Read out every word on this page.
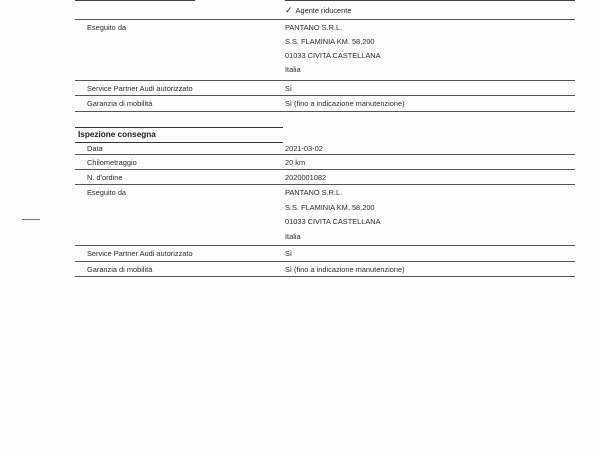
✓ Agente riducente
Eseguito da	PANTANO S.R.L.
S.S. FLAMINIA KM. 58,200
01033 CIVITA CASTELLANA
Italia
Service Partner Audi autorizzato	Sì
Garanzia di mobilità	Sì (fino a indicazione manutenzione)
Ispezione consegna
Data	2021-03-02
Chilometraggio	20 km
N. d'ordine	2020001082
Eseguito da	PANTANO S.R.L.
S.S. FLAMINIA KM. 58,200
01033 CIVITA CASTELLANA
Italia
Service Partner Audi autorizzato	Sì
Garanzia di mobilità	Sì (fino a indicazione manutenzione)
